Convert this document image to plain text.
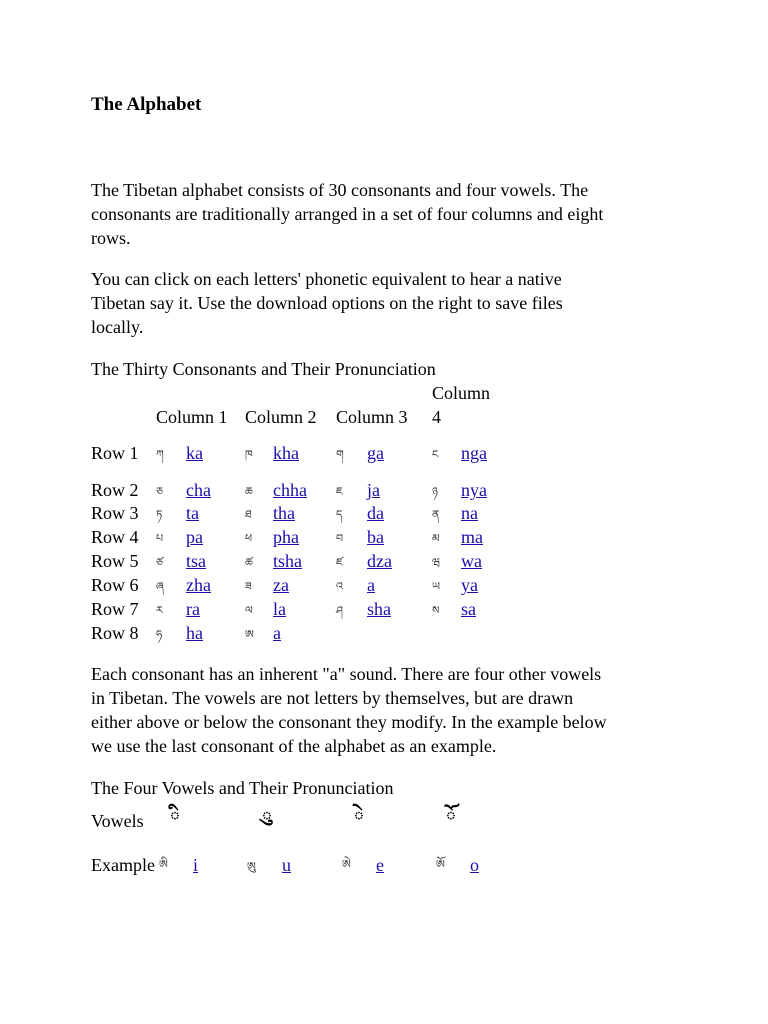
The Alphabet

The Tibetan alphabet consists of 30 consonants and four vowels. The
consonants are traditionally arranged in a set of four columns and eight
rows.

You can click on each letters' phonetic equivalent to hear a native
Tibetan say it. Use the download options on the right to save files
locally.

The Thirty Consonants and Their Pronunciation
Column 1 Column 2 Column 3
Column
4
Row 1 ཀ ka	ཁ kha	ག ga	ང nga
Row 2 ཅ cha	ཆ chha	ཇ ja	ཉ nya
Row 3 ཏ ta	ཐ tha	ད da	ན na
Row 4 པ pa	ཕ pha	བ ba	མ ma
Row 5 ཙ tsa	ཚ tsha	ཛ dza	ཝ wa
Row 6 ཞ zha	ཟ za	འ a	ཡ ya
Row 7 ར ra	ལ la	ཤ sha	ས sa
Row 8 ཧ ha	ཨ a

Each consonant has an inherent "a" sound. There are four other vowels
in Tibetan. The vowels are not letters by themselves, but are drawn
either above or below the consonant they modify. In the example below
we use the last consonant of the alphabet as an example.

The Four Vowels and Their Pronunciation
Vowels ི	ུ	ེ	ོ
Example ཨི i	ཨུ u	ཨེ e	ཨོ o
